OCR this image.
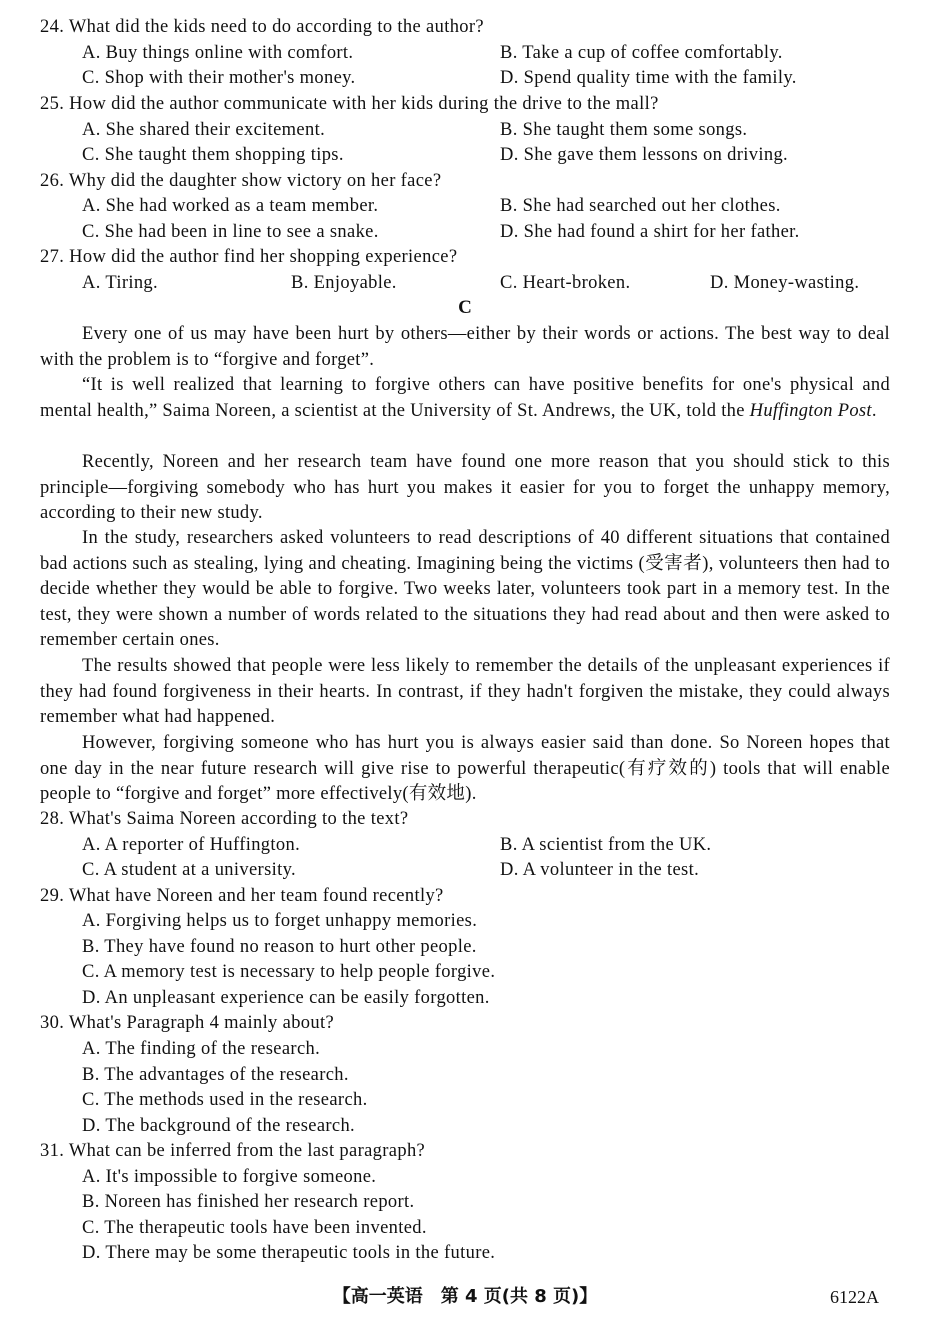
24. What did the kids need to do according to the author?
A. Buy things online with comfort.	B. Take a cup of coffee comfortably.
C. Shop with their mother's money.	D. Spend quality time with the family.
25. How did the author communicate with her kids during the drive to the mall?
A. She shared their excitement.	B. She taught them some songs.
C. She taught them shopping tips.	D. She gave them lessons on driving.
26. Why did the daughter show victory on her face?
A. She had worked as a team member.	B. She had searched out her clothes.
C. She had been in line to see a snake.	D. She had found a shirt for her father.
27. How did the author find her shopping experience?
A. Tiring.	B. Enjoyable.	C. Heart-broken.	D. Money-wasting.
C
Every one of us may have been hurt by others—either by their words or actions. The best way to deal with the problem is to “forgive and forget”.
“It is well realized that learning to forgive others can have positive benefits for one's physical and mental health,” Saima Noreen, a scientist at the University of St. Andrews, the UK, told the Huffington Post.
Recently, Noreen and her research team have found one more reason that you should stick to this principle—forgiving somebody who has hurt you makes it easier for you to forget the unhappy memory, according to their new study.
In the study, researchers asked volunteers to read descriptions of 40 different situations that contained bad actions such as stealing, lying and cheating. Imagining being the victims (受害者), volunteers then had to decide whether they would be able to forgive. Two weeks later, volunteers took part in a memory test. In the test, they were shown a number of words related to the situations they had read about and then were asked to remember certain ones.
The results showed that people were less likely to remember the details of the unpleasant experiences if they had found forgiveness in their hearts. In contrast, if they hadn't forgiven the mistake, they could always remember what had happened.
However, forgiving someone who has hurt you is always easier said than done. So Noreen hopes that one day in the near future research will give rise to powerful therapeutic(有疗效的) tools that will enable people to “forgive and forget” more effectively(有效地).
28. What's Saima Noreen according to the text?
A. A reporter of Huffington.	B. A scientist from the UK.
C. A student at a university.	D. A volunteer in the test.
29. What have Noreen and her team found recently?
A. Forgiving helps us to forget unhappy memories.
B. They have found no reason to hurt other people.
C. A memory test is necessary to help people forgive.
D. An unpleasant experience can be easily forgotten.
30. What's Paragraph 4 mainly about?
A. The finding of the research.
B. The advantages of the research.
C. The methods used in the research.
D. The background of the research.
31. What can be inferred from the last paragraph?
A. It's impossible to forgive someone.
B. Noreen has finished her research report.
C. The therapeutic tools have been invented.
D. There may be some therapeutic tools in the future.
【高一英语　第 4 页(共 8 页)】	6122A
